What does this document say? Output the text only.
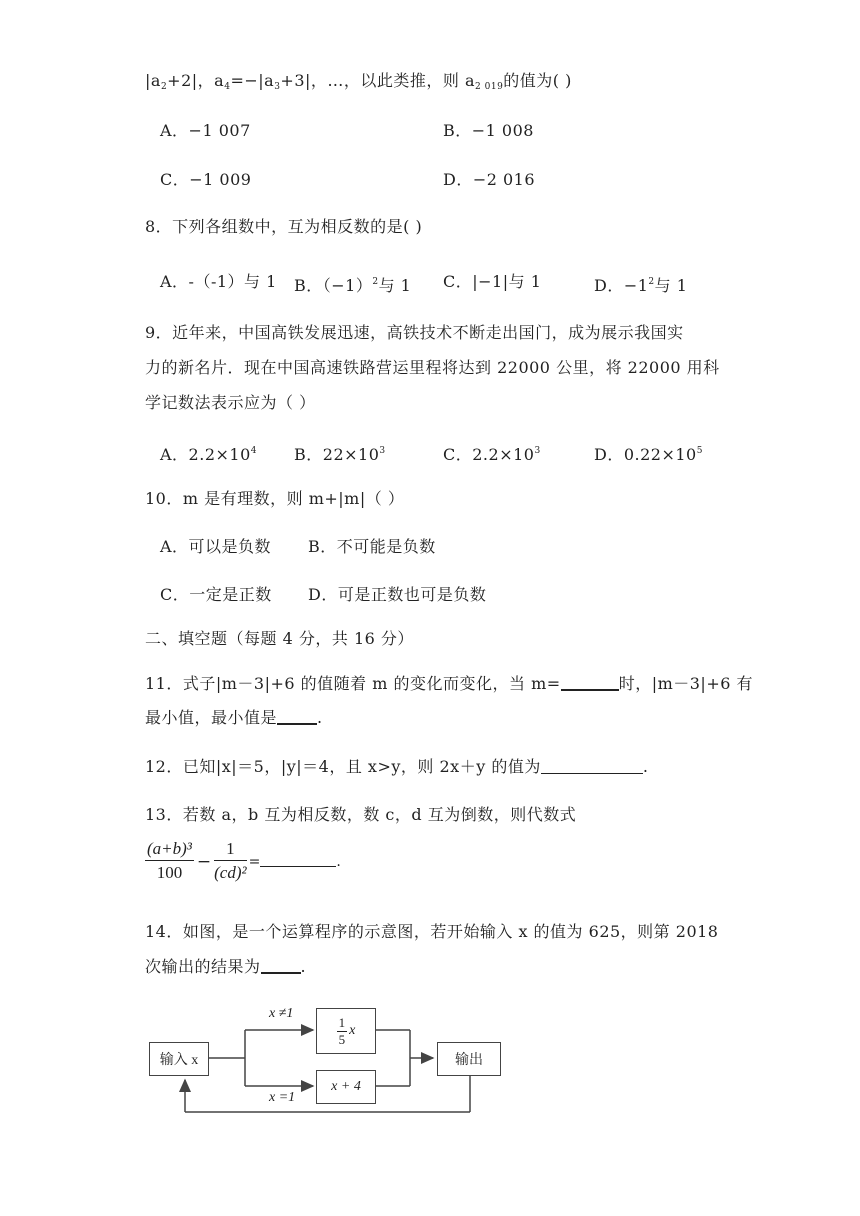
$|a_2+2|$，$a_4=-|a_3+3|$，…，以此类推，则 $a_{2 019}$的值为( )
A．−1 007	B．−1 008
C．−1 009	D．−2 016
8．下列各组数中，互为相反数的是( )
A．-（-1）与 1 B．$(-1)^2$与 1 C．|−1|与 1	D．$-1^2$与 1
9．近年来，中国高铁发展迅速，高铁技术不断走出国门，成为展示我国实
力的新名片．现在中国高速铁路营运里程将达到 22000 公里，将 22000 用科
学记数法表示应为（ ）
A．$2.2\times 10^4$ B．$22\times 10^3$	C．$2.2\times 10^3$	D．$0.22\times 10^5$
10．m 是有理数，则 m+|m|（ ）
A．可以是负数 B．不可能是负数
C．一定是正数 D．可是正数也可是负数
二、填空题（每题 4 分，共 16 分）
11．式子|m－3|+6 的值随着 m 的变化而变化，当 m=	时，|m－3|+6 有
最小值，最小值是	.
12．已知|x|＝5，|y|＝4，且 x>y，则 2x＋y 的值为	.
13．若数 a，b 互为相反数，数 c，d 互为倒数，则代数式
$\frac{\text{(a+b)³}}{100} - \frac{1}{\text{(cd)²}}$ =	.
14．如图，是一个运算程序的示意图，若开始输入 x 的值为 625，则第 2018
次输出的结果为	.
输入 x
$\frac{1}{5}$ x
x + 4
输出
x ≠1
x =1
